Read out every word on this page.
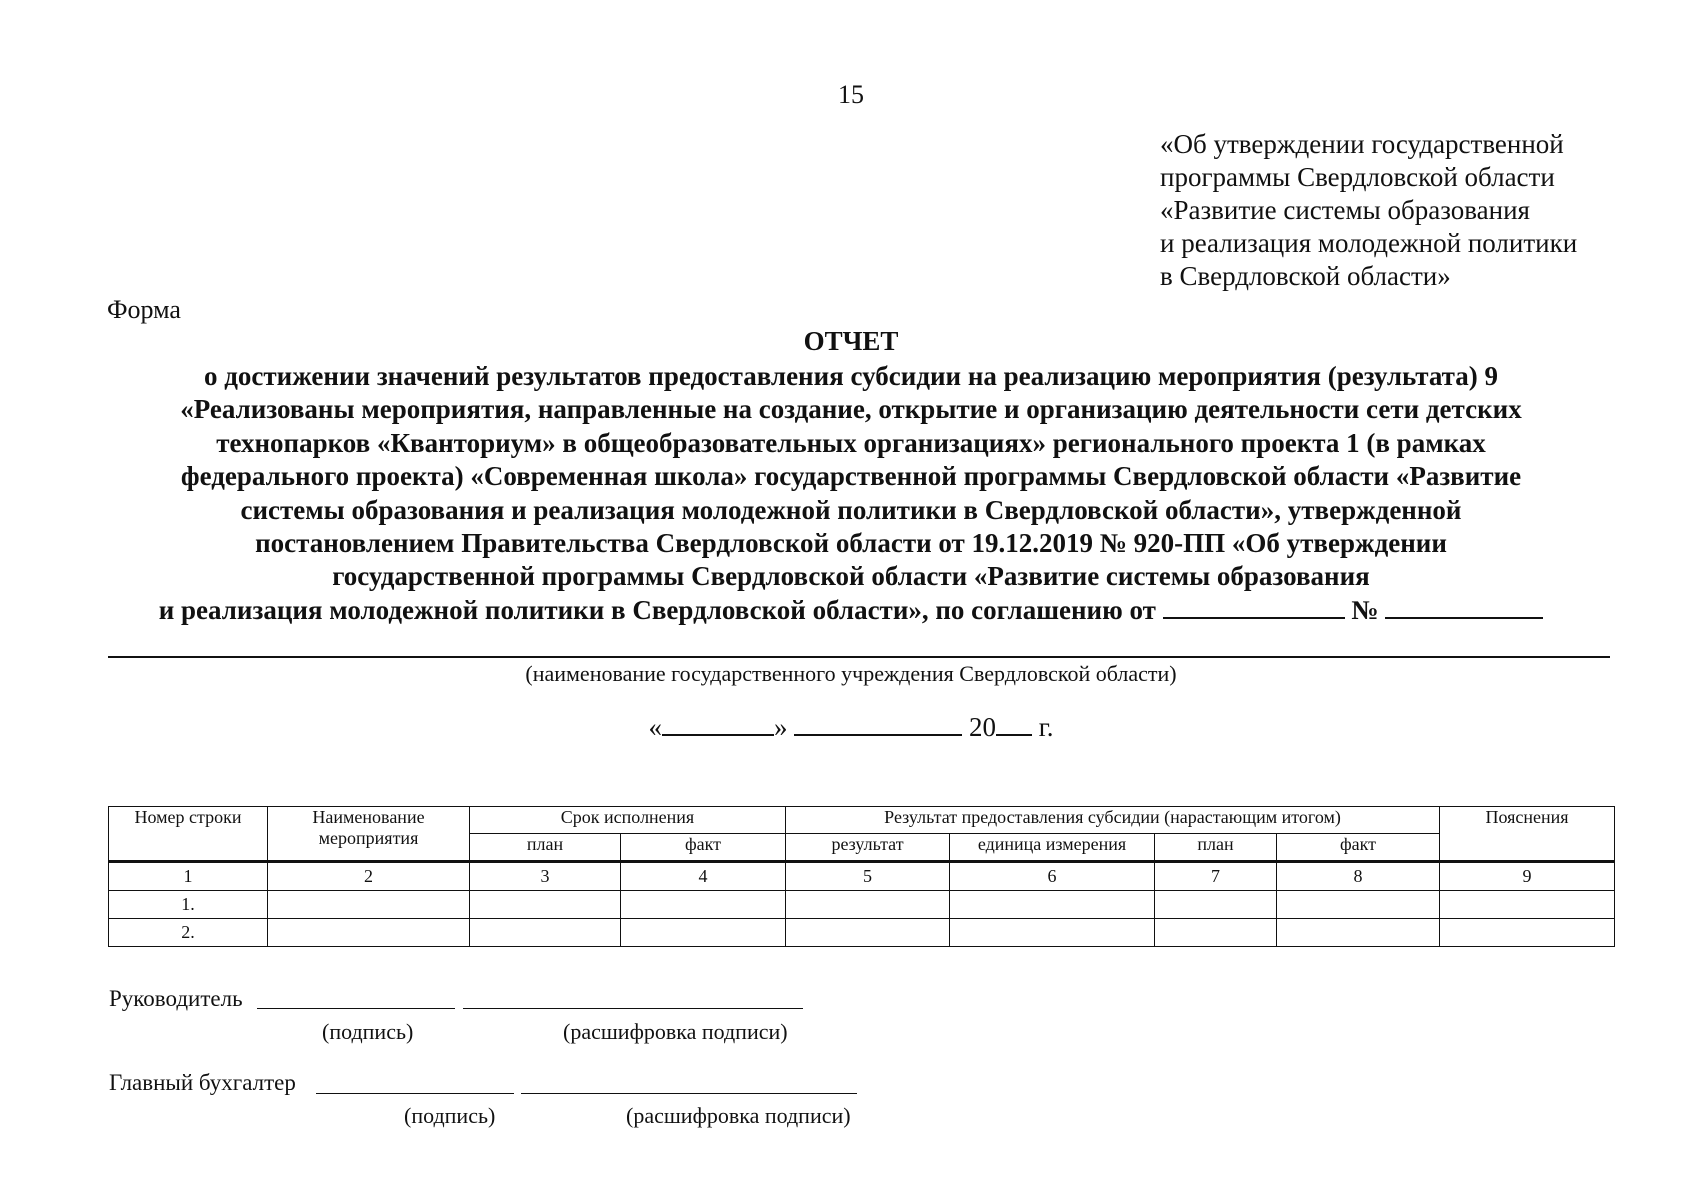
15
«Об утверждении государственной
программы Свердловской области
«Развитие системы образования
и реализация молодежной политики
в Свердловской области»
Форма
ОТЧЕТ
о достижении значений результатов предоставления субсидии на реализацию мероприятия (результата) 9
«Реализованы мероприятия, направленные на создание, открытие и организацию деятельности сети детских
технопарков «Кванториум» в общеобразовательных организациях» регионального проекта 1 (в рамках
федерального проекта) «Современная школа» государственной программы Свердловской области «Развитие
системы образования и реализация молодежной политики в Свердловской области», утвержденной
постановлением Правительства Свердловской области от 19.12.2019 № 920-ПП «Об утверждении
государственной программы Свердловской области «Развитие системы образования
и реализация молодежной политики в Свердловской области», по соглашению от	№
(наименование государственного учреждения Свердловской области)
«	»	20 г.
Номер строки	Наименование мероприятия	Срок исполнения		Результат предоставления субсидии (нарастающим итогом)				Пояснения
		план	факт	результат	единица измерения	план	факт	
1	2	3	4	5	6	7	8	9
1.								
2.								
Руководитель
(подпись)	(расшифровка подписи)
Главный бухгалтер
(подпись)	(расшифровка подписи)
